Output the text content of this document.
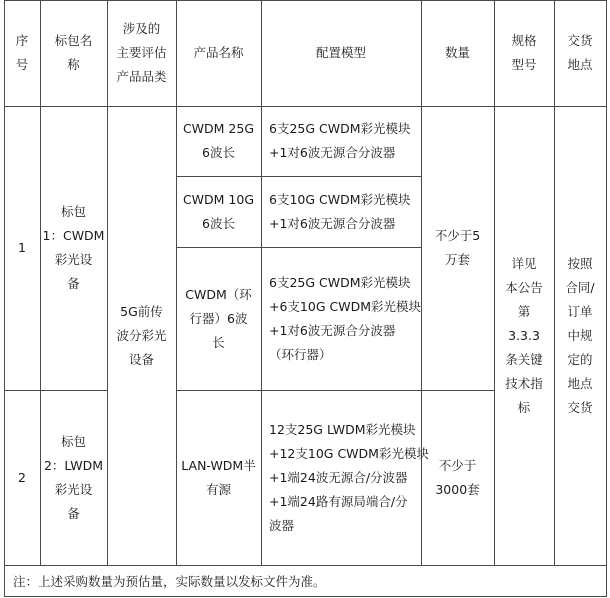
序
号
标包名
称
涉及的
主要评估
产品品类
产品名称	配置模型	数量
规格
型号
交货
地点
1
标包
1：CWDM
彩光设
备
CWDM 25G
6波长
6支25G CWDM彩光模块
+1对6波无源合分波器
CWDM 10G
6波长
6支10G CWDM彩光模块
+1对6波无源合分波器
CWDM（环
行器）6波
长
6支25G CWDM彩光模块
+6支10G CWDM彩光模块
+1对6波无源合分波器
（环行器）
不少于5
万套
5G前传
波分彩光
设备
详见
本公告
第
3.3.3
条关键
技术指
标
按照
合同/
订单
中规
定的
地点
交货
2
标包
2：LWDM
彩光设
备
LAN-WDM半
有源
12支25G LWDM彩光模块
+12支10G CWDM彩光模块
+1端24波无源合/分波器
+1端24路有源局端合/分
波器
不少于
3000套
注：上述采购数量为预估量，实际数量以发标文件为准。
